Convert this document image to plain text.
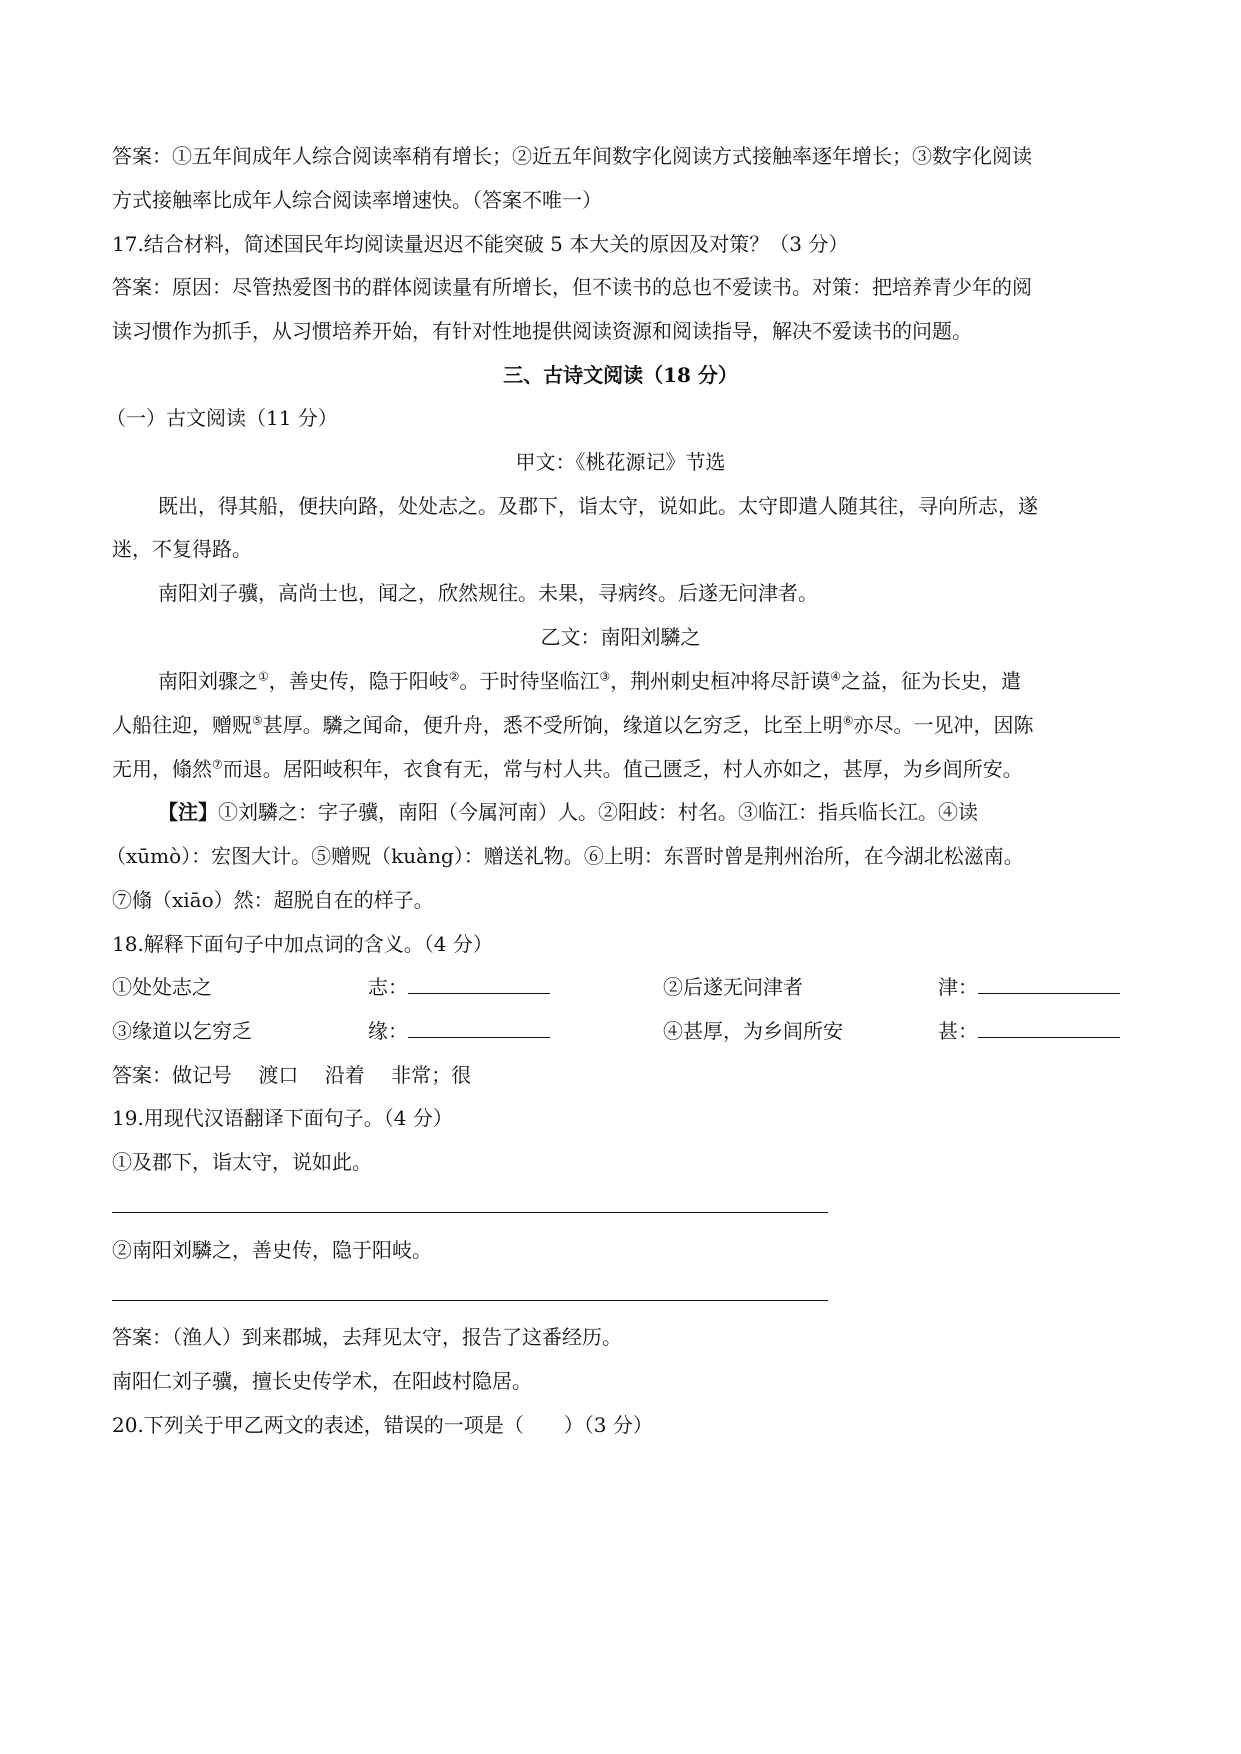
答案：①五年间成年人综合阅读率稍有增长；②近五年间数字化阅读方式接触率逐年增长；③数字化阅读
方式接触率比成年人综合阅读率增速快。（答案不唯一）
17.结合材料，简述国民年均阅读量迟迟不能突破 5 本大关的原因及对策？（3 分）
答案：原因：尽管热爱图书的群体阅读量有所增长，但不读书的总也不爱读书。对策：把培养青少年的阅
读习惯作为抓手，从习惯培养开始，有针对性地提供阅读资源和阅读指导，解决不爱读书的问题。
三、古诗文阅读（18 分）
（一）古文阅读（11 分）
甲文：《桃花源记》节选
既出，得其船，便扶向路，处处志之。及郡下，诣太守，说如此。太守即遣人随其往，寻向所志，遂
迷，不复得路。
南阳刘子骥，高尚士也，闻之，欣然规往。未果，寻病终。后遂无问津者。
乙文：南阳刘驎之
南阳刘骤之①，善史传，隐于阳岐②。于时待坚临江③，荆州刺史桓冲将尽訏谟④之益，征为长史，遣
人船往迎，赠贶⑤甚厚。驎之闻命，便升舟，悉不受所饷，缘道以乞穷乏，比至上明⑥亦尽。一见冲，因陈
无用，翛然⑦而退。居阳岐积年，衣食有无，常与村人共。值己匮乏，村人亦如之，甚厚，为乡闾所安。
【注】①刘驎之：字子骥，南阳（今属河南）人。②阳歧：村名。③临江：指兵临长江。④读
（xūmò）：宏图大计。⑤赠贶（kuàng）：赠送礼物。⑥上明：东晋时曾是荆州治所，在今湖北松滋南。
⑦翛（xiāo）然：超脱自在的样子。
18.解释下面句子中加点词的含义。（4 分）
①处处志之	志：	②后遂无问津者	津：
③缘道以乞穷乏	缘：	④甚厚，为乡闾所安	甚：
答案：做记号　 渡口　 沿着　 非常；很
19.用现代汉语翻译下面句子。（4 分）
①及郡下，诣太守，说如此。
②南阳刘驎之，善史传，隐于阳岐。
答案：（渔人）到来郡城，去拜见太守，报告了这番经历。
南阳仁刘子骥，擅长史传学术，在阳歧村隐居。
20.下列关于甲乙两文的表述，错误的一项是（　　）（3 分）
